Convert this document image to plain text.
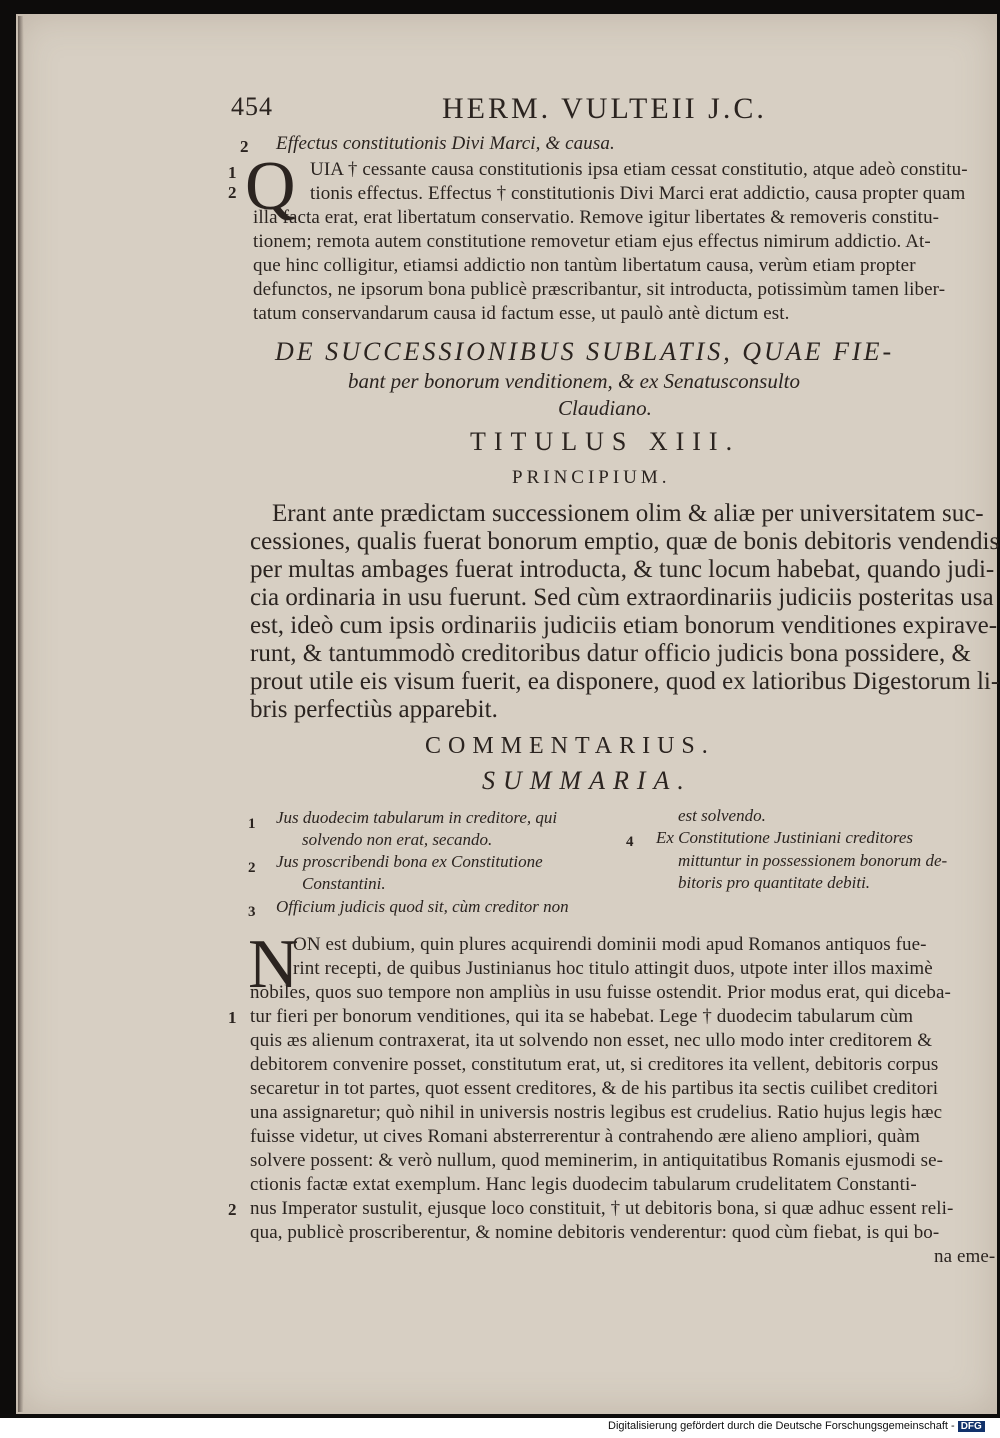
454	HERM. VULTEII J.C.
2 Effectus constitutionis Divi Marci, & causa.
1
2 Q UIA † cessante causa constitutionis ipsa etiam cessat constitutio, atque adeò constitu-
tionis effectus. Effectus † constitutionis Divi Marci erat addictio, causa propter quam
illa facta erat, erat libertatum conservatio. Remove igitur libertates & removeris constitu-
tionem; remota autem constitutione removetur etiam ejus effectus nimirum addictio. At-
que hinc colligitur, etiamsi addictio non tantùm libertatum causa, verùm etiam propter
defunctos, ne ipsorum bona publicè præscribantur, sit introducta, potissimùm tamen liber-
tatum conservandarum causa id factum esse, ut paulò antè dictum est.
DE SUCCESSIONIBUS SUBLATIS, QUAE FIE-
bant per bonorum venditionem, & ex Senatusconsulto
Claudiano.
TITULUS XIII.
PRINCIPIUM.
Erant ante prædictam successionem olim & aliæ per universitatem suc-
cessiones, qualis fuerat bonorum emptio, quæ de bonis debitoris vendendis
per multas ambages fuerat introducta, & tunc locum habebat, quando judi-
cia ordinaria in usu fuerunt. Sed cùm extraordinariis judiciis posteritas usa
est, ideò cum ipsis ordinariis judiciis etiam bonorum venditiones expirave-
runt, & tantummodò creditoribus datur officio judicis bona possidere, &
prout utile eis visum fuerit, ea disponere, quod ex latioribus Digestorum li-
bris perfectiùs apparebit.
COMMENTARIUS.
SUMMARIA.
1 Jus duodecim tabularum in creditore, qui
solvendo non erat, secando.
2 Jus proscribendi bona ex Constitutione
Constantini.
3 Officium judicis quod sit, cùm creditor non
est solvendo.
4 Ex Constitutione Justiniani creditores
mittuntur in possessionem bonorum de-
bitoris pro quantitate debiti.
N
ON est dubium, quin plures acquirendi dominii modi apud Romanos antiquos fue-
rint recepti, de quibus Justinianus hoc titulo attingit duos, utpote inter illos maximè
nobiles, quos suo tempore non ampliùs in usu fuisse ostendit. Prior modus erat, qui diceba-
1 tur fieri per bonorum venditiones, qui ita se habebat. Lege † duodecim tabularum cùm
quis æs alienum contraxerat, ita ut solvendo non esset, nec ullo modo inter creditorem &
debitorem convenire posset, constitutum erat, ut, si creditores ita vellent, debitoris corpus
secaretur in tot partes, quot essent creditores, & de his partibus ita sectis cuilibet creditori
una assignaretur; quò nihil in universis nostris legibus est crudelius. Ratio hujus legis hæc
fuisse videtur, ut cives Romani absterrerentur à contrahendo ære alieno ampliori, quàm
solvere possent: & verò nullum, quod meminerim, in antiquitatibus Romanis ejusmodi se-
ctionis factæ extat exemplum. Hanc legis duodecim tabularum crudelitatem Constanti-
2 nus Imperator sustulit, ejusque loco constituit, † ut debitoris bona, si quæ adhuc essent reli-
qua, publicè proscriberentur, & nomine debitoris venderentur: quod cùm fiebat, is qui bo-
na eme-
Digitalisierung gefördert durch die Deutsche Forschungsgemeinschaft - DFG
